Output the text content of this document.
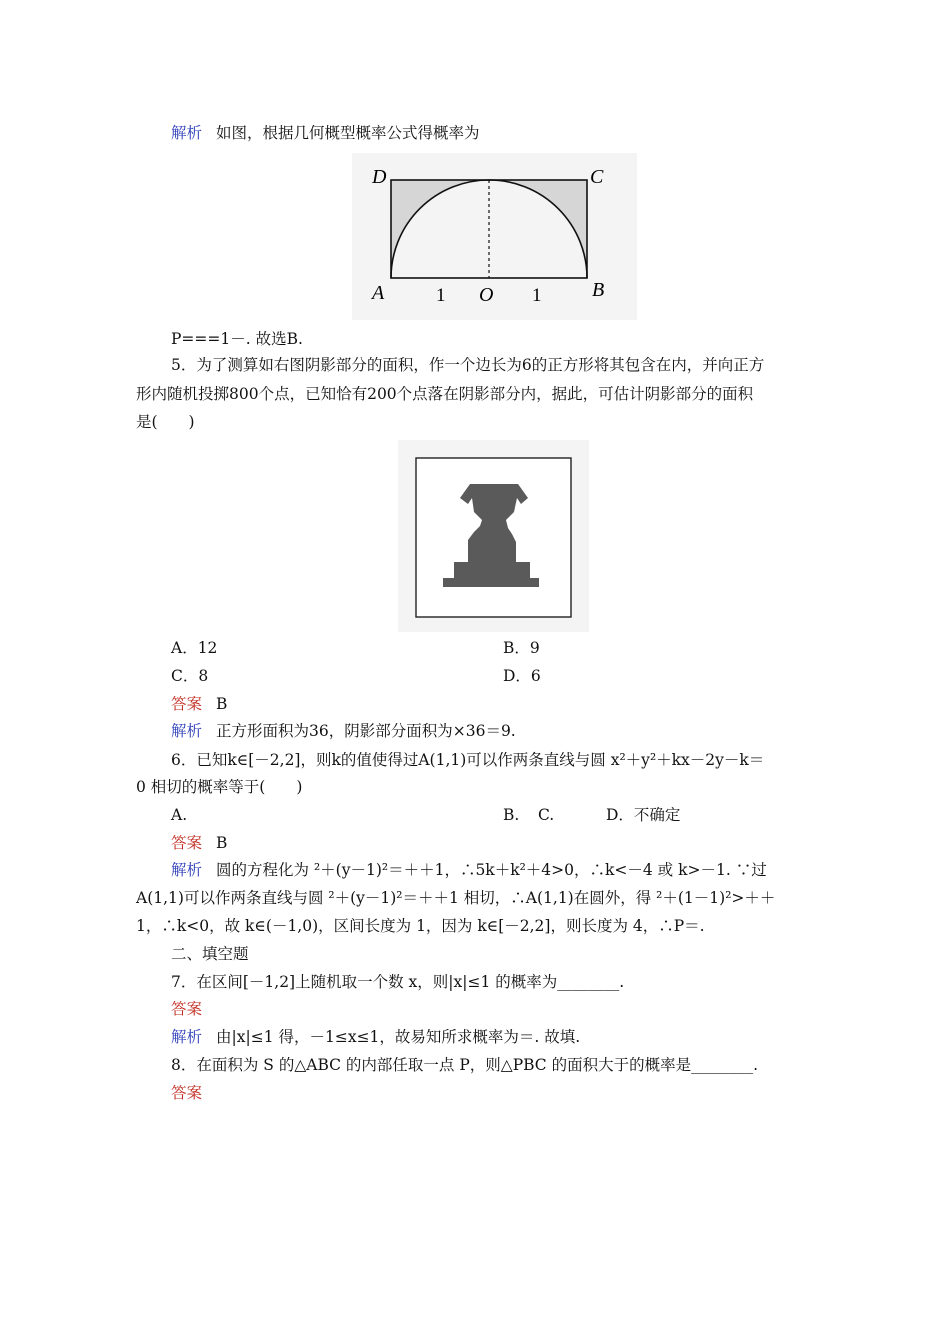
解析 如图，根据几何概型概率公式得概率为
D	C
A	B
O
1	1
P===1－. 故选B.
5．为了测算如右图阴影部分的面积，作一个边长为6的正方形将其包含在内，并向正方
形内随机投掷800个点，已知恰有200个点落在阴影部分内，据此，可估计阴影部分的面积
是(　　)
A．12	B．9
C．8	D．6
答案 B
解析 正方形面积为36，阴影部分面积为×36＝9.
6．已知k∈[－2,2]，则k的值使得过A(1,1)可以作两条直线与圆 x²＋y²＋kx－2y－k＝
0 相切的概率等于(　　)
A.	B. C.	D．不确定
答案 B
解析 圆的方程化为 ²＋(y－1)²＝＋＋1，∴5k＋k²＋4>0，∴k<－4 或 k>－1. ∵过
A(1,1)可以作两条直线与圆 ²＋(y－1)²＝＋＋1 相切，∴A(1,1)在圆外，得 ²＋(1－1)²>＋＋
1，∴k<0，故 k∈(－1,0)，区间长度为 1，因为 k∈[－2,2]，则长度为 4，∴P＝.
二、填空题
7．在区间[－1,2]上随机取一个数 x，则|x|≤1 的概率为________.
答案
解析 由|x|≤1 得，－1≤x≤1，故易知所求概率为＝. 故填.
8．在面积为 S 的△ABC 的内部任取一点 P，则△PBC 的面积大于的概率是________.
答案
